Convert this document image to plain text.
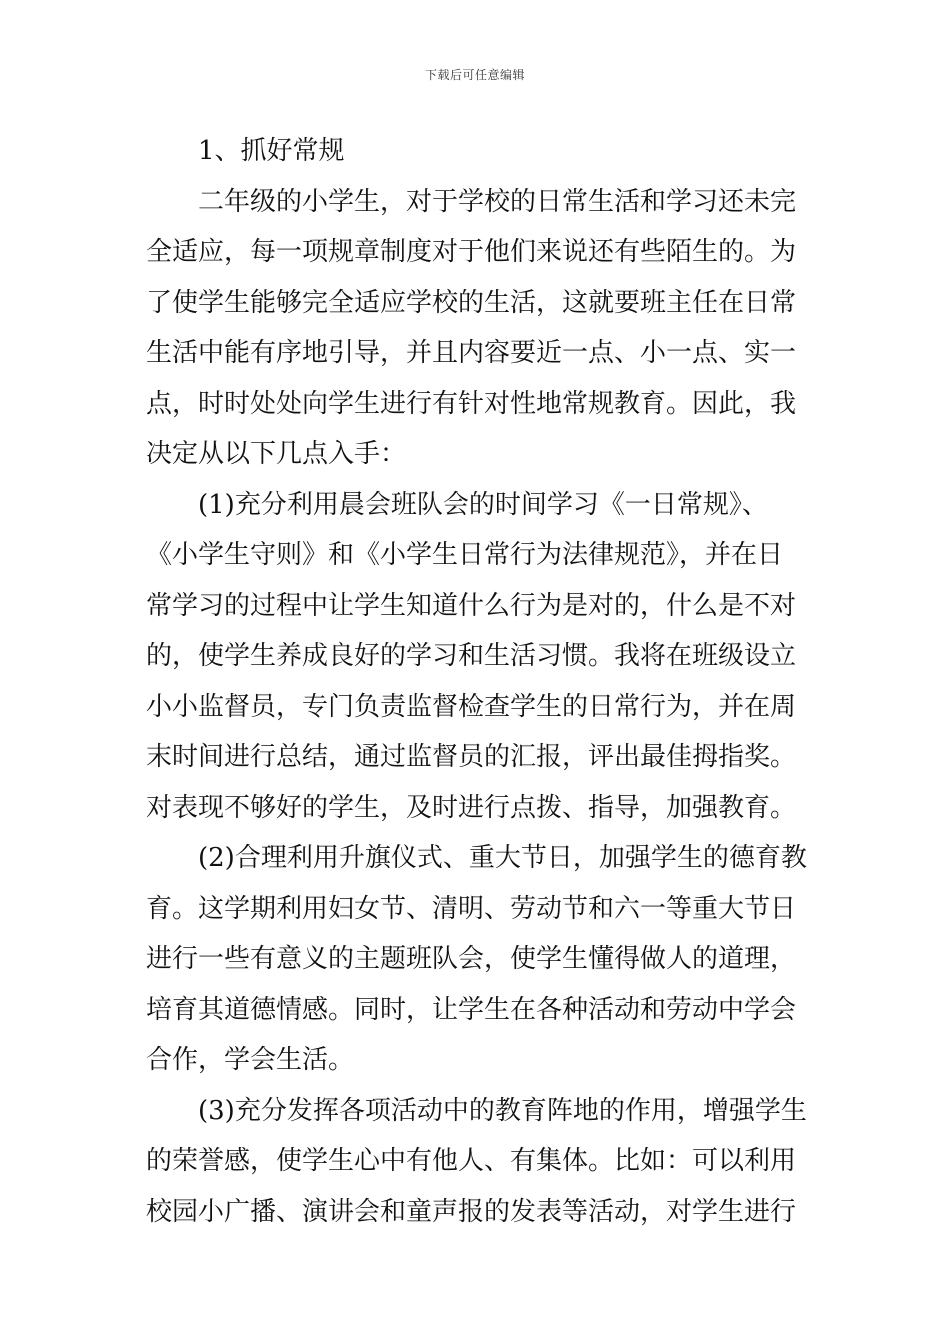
下载后可任意编辑
1、抓好常规
二年级的小学生，对于学校的日常生活和学习还未完
全适应，每一项规章制度对于他们来说还有些陌生的。为
了使学生能够完全适应学校的生活，这就要班主任在日常
生活中能有序地引导，并且内容要近一点、小一点、实一
点，时时处处向学生进行有针对性地常规教育。因此，我
决定从以下几点入手：
(1)充分利用晨会班队会的时间学习《一日常规》、
《小学生守则》和《小学生日常行为法律规范》，并在日
常学习的过程中让学生知道什么行为是对的，什么是不对
的，使学生养成良好的学习和生活习惯。我将在班级设立
小小监督员，专门负责监督检查学生的日常行为，并在周
末时间进行总结，通过监督员的汇报，评出最佳拇指奖。
对表现不够好的学生，及时进行点拨、指导，加强教育。
(2)合理利用升旗仪式、重大节日，加强学生的德育教
育。这学期利用妇女节、清明、劳动节和六一等重大节日
进行一些有意义的主题班队会，使学生懂得做人的道理，
培育其道德情感。同时，让学生在各种活动和劳动中学会
合作，学会生活。
(3)充分发挥各项活动中的教育阵地的作用，增强学生
的荣誉感，使学生心中有他人、有集体。比如：可以利用
校园小广播、演讲会和童声报的发表等活动，对学生进行
